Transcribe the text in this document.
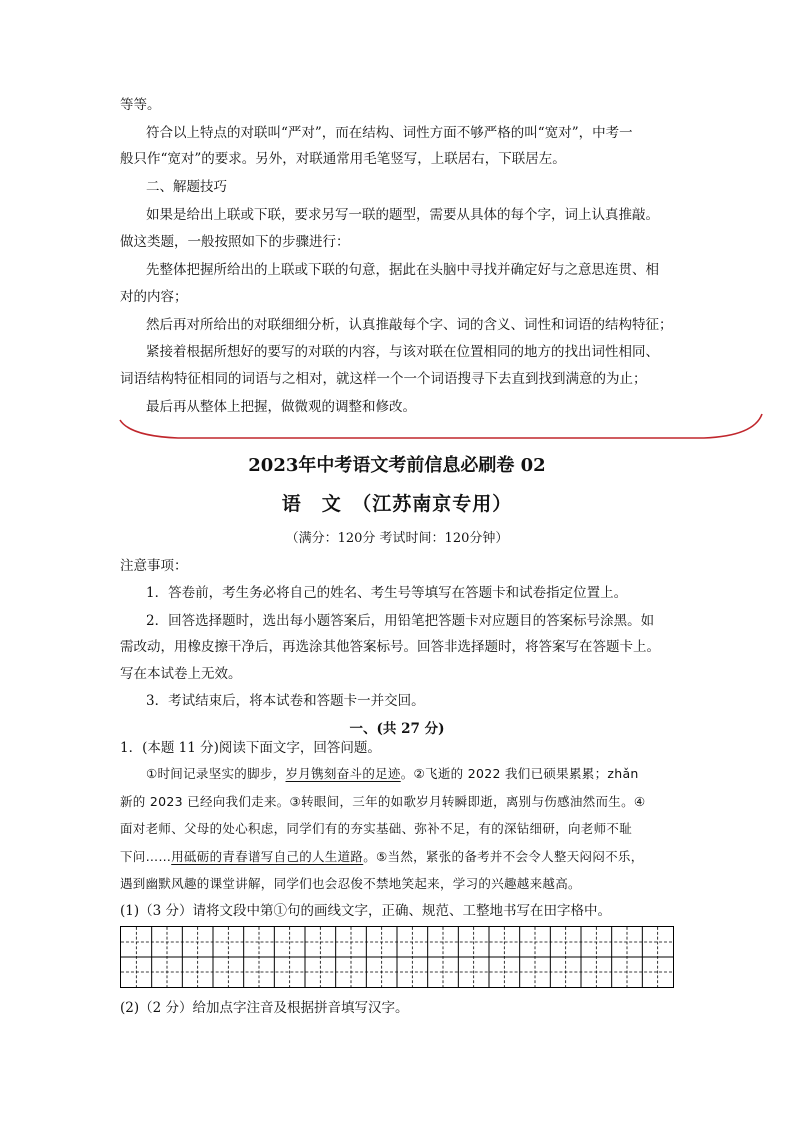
等等。
符合以上特点的对联叫“严对”，而在结构、词性方面不够严格的叫“宽对”，中考一
般只作“宽对”的要求。另外，对联通常用毛笔竖写，上联居右，下联居左。
二、解题技巧
如果是给出上联或下联，要求另写一联的题型，需要从具体的每个字，词上认真推敲。
做这类题，一般按照如下的步骤进行：
先整体把握所给出的上联或下联的句意，据此在头脑中寻找并确定好与之意思连贯、相
对的内容；
然后再对所给出的对联细细分析，认真推敲每个字、词的含义、词性和词语的结构特征；
紧接着根据所想好的要写的对联的内容，与该对联在位置相同的地方的找出词性相同、
词语结构特征相同的词语与之相对，就这样一个一个词语搜寻下去直到找到满意的为止；
最后再从整体上把握，做微观的调整和修改。
2023年中考语文考前信息必刷卷 02
语　文　（江苏南京专用）
（满分：120分 考试时间：120分钟）
注意事项：
1．答卷前，考生务必将自己的姓名、考生号等填写在答题卡和试卷指定位置上。
2．回答选择题时，选出每小题答案后，用铅笔把答题卡对应题目的答案标号涂黑。如
需改动，用橡皮擦干净后，再选涂其他答案标号。回答非选择题时，将答案写在答题卡上。
写在本试卷上无效。
3．考试结束后，将本试卷和答题卡一并交回。
一、(共 27 分)
1．(本题 11 分)阅读下面文字，回答问题。
①时间记录坚实的脚步，岁月镌刻奋斗的足迹。②飞逝的 2022 我们已硕果累累；zhǎn
新的 2023 已经向我们走来。③转眼间，三年的如歌岁月转瞬即逝，离别与伤感油然而生。④
面对老师、父母的处心积虑，同学们有的夯实基础、弥补不足，有的深钻细研，向老师不耻
下问……用砥砺的青春谱写自己的人生道路。⑤当然，紧张的备考并不会令人整天闷闷不乐，
遇到幽默风趣的课堂讲解，同学们也会忍俊不禁地笑起来，学习的兴趣越来越高。
(1)（3 分）请将文段中第①句的画线文字，正确、规范、工整地书写在田字格中。
(2)（2 分）给加点字注音及根据拼音填写汉字。
